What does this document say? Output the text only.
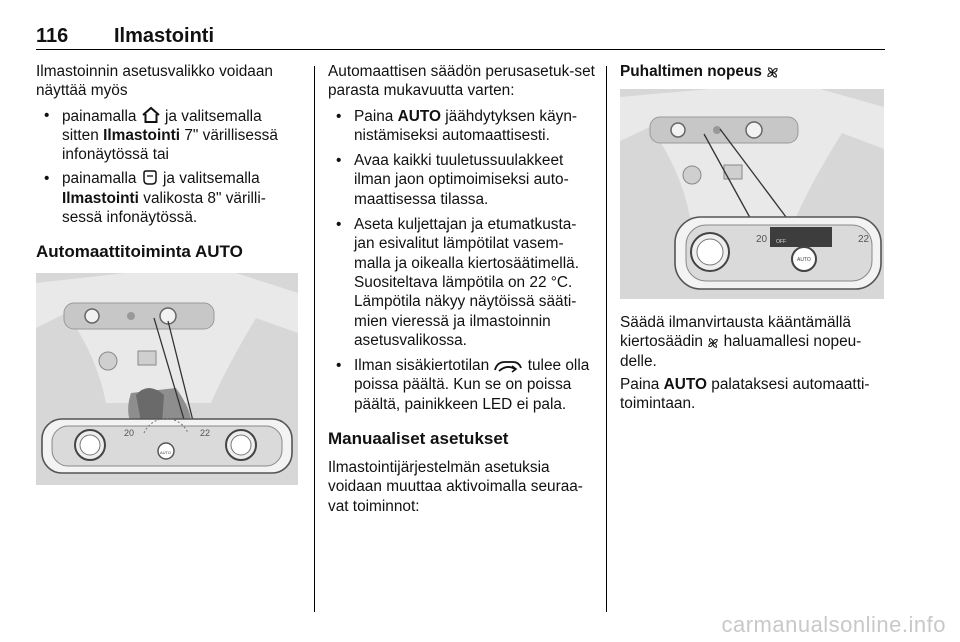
116 Ilmastointi

Ilmastoinnin asetusvalikko voidaan näyttää myös

• painamalla ja valitsemalla sitten Ilmastointi 7" värillisessä infonäytössä tai

• painamalla ja valitsemalla Ilmastointi valikosta 8" värilli-sessä infonäytössä.

Automaattitoiminta AUTO
20	22
AUTO

Automaattisen säädön perusasetuk-set parasta mukavuutta varten:

• Paina AUTO jäähdytyksen käyn-nistämiseksi automaattisesti.

• Avaa kaikki tuuletussuulakkeet ilman jaon optimoimiseksi auto-maattisessa tilassa.

• Aseta kuljettajan ja etumatkusta-jan esivalitut lämpötilat vasem-malla ja oikealla kiertosäätimellä. Suositeltava lämpötila on 22 °C. Lämpötila näkyy näytöissä sääti-mien vieressä ja ilmastoinnin asetusvalikossa.

• Ilman sisäkiertotilan	tulee olla poissa päältä. Kun se on poissa päältä, painikkeen LED ei pala.

Manuaaliset asetukset

Ilmastointijärjestelmän asetuksia voidaan muuttaa aktivoimalla seuraa-vat toiminnot:

Puhaltimen nopeus
20	22
OFF
AUTO

Säädä ilmanvirtausta kääntämällä kiertosäädin haluamallesi nopeu-delle.

Paina AUTO palataksesi automaatti-toimintaan.

carmanualsonline.info
